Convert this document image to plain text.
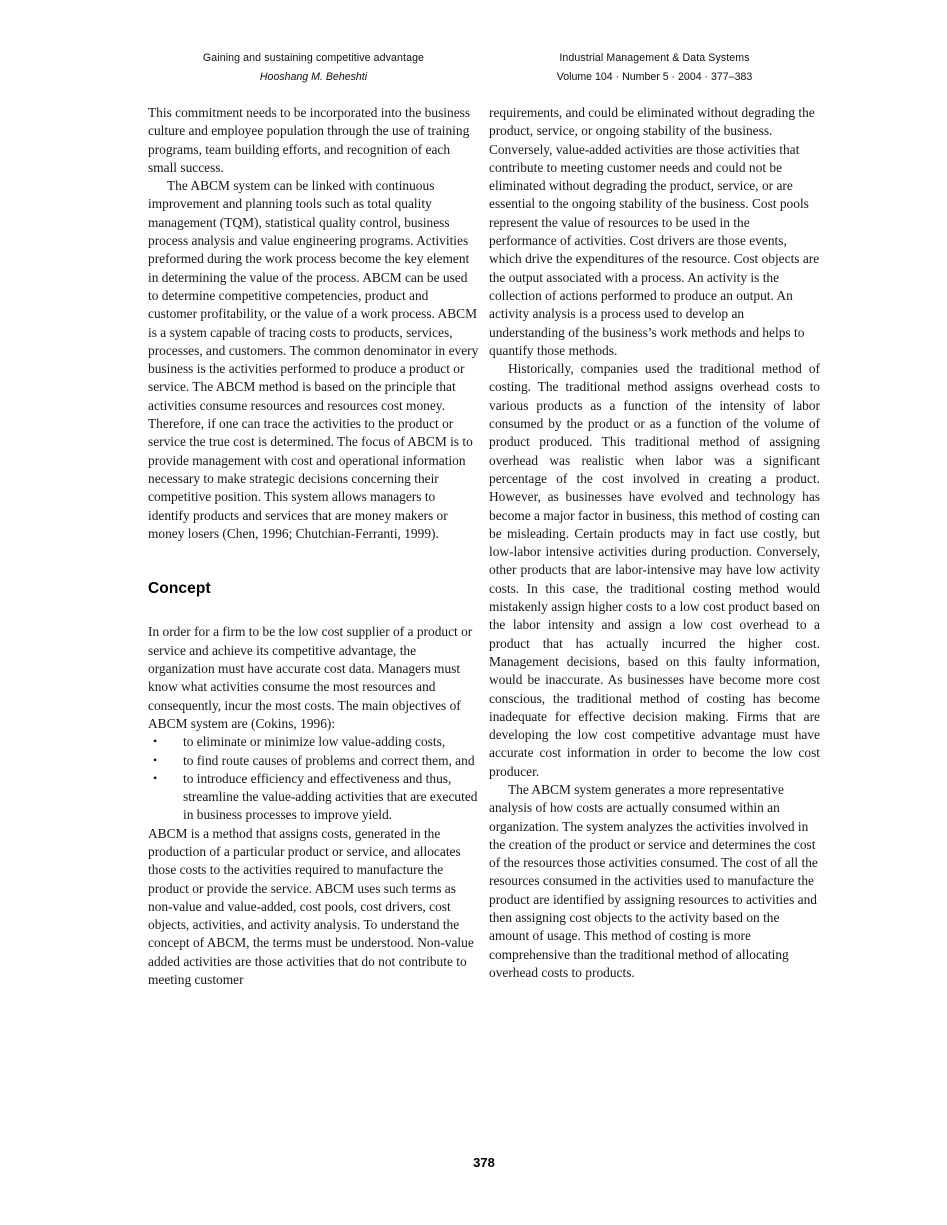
Gaining and sustaining competitive advantage
Hooshang M. Beheshti
Industrial Management & Data Systems
Volume 104 · Number 5 · 2004 · 377–383

This commitment needs to be incorporated into the business culture and employee population through the use of training programs, team building efforts, and recognition of each small success.

The ABCM system can be linked with continuous improvement and planning tools such as total quality management (TQM), statistical quality control, business process analysis and value engineering programs. Activities preformed during the work process become the key element in determining the value of the process. ABCM can be used to determine competitive competencies, product and customer profitability, or the value of a work process. ABCM is a system capable of tracing costs to products, services, processes, and customers. The common denominator in every business is the activities performed to produce a product or service. The ABCM method is based on the principle that activities consume resources and resources cost money. Therefore, if one can trace the activities to the product or service the true cost is determined. The focus of ABCM is to provide management with cost and operational information necessary to make strategic decisions concerning their competitive position. This system allows managers to identify products and services that are money makers or money losers (Chen, 1996; Chutchian-Ferranti, 1999).

Concept

In order for a firm to be the low cost supplier of a product or service and achieve its competitive advantage, the organization must have accurate cost data. Managers must know what activities consume the most resources and consequently, incur the most costs. The main objectives of ABCM system are (Cokins, 1996):

• to eliminate or minimize low value-adding costs,
• to find route causes of problems and correct them, and
• to introduce efficiency and effectiveness and thus, streamline the value-adding activities that are executed in business processes to improve yield.

ABCM is a method that assigns costs, generated in the production of a particular product or service, and allocates those costs to the activities required to manufacture the product or provide the service. ABCM uses such terms as non-value and value-added, cost pools, cost drivers, cost objects, activities, and activity analysis. To understand the concept of ABCM, the terms must be understood. Non-value added activities are those activities that do not contribute to meeting customer

requirements, and could be eliminated without degrading the product, service, or ongoing stability of the business. Conversely, value-added activities are those activities that contribute to meeting customer needs and could not be eliminated without degrading the product, service, or are essential to the ongoing stability of the business. Cost pools represent the value of resources to be used in the performance of activities. Cost drivers are those events, which drive the expenditures of the resource. Cost objects are the output associated with a process. An activity is the collection of actions performed to produce an output. An activity analysis is a process used to develop an understanding of the business’s work methods and helps to quantify those methods.

Historically, companies used the traditional method of costing. The traditional method assigns overhead costs to various products as a function of the intensity of labor consumed by the product or as a function of the volume of product produced. This traditional method of assigning overhead was realistic when labor was a significant percentage of the cost involved in creating a product. However, as businesses have evolved and technology has become a major factor in business, this method of costing can be misleading. Certain products may in fact use costly, but low-labor intensive activities during production. Conversely, other products that are labor-intensive may have low activity costs. In this case, the traditional costing method would mistakenly assign higher costs to a low cost product based on the labor intensity and assign a low cost overhead to a product that has actually incurred the higher cost. Management decisions, based on this faulty information, would be inaccurate. As businesses have become more cost conscious, the traditional method of costing has become inadequate for effective decision making. Firms that are developing the low cost competitive advantage must have accurate cost information in order to become the low cost producer.

The ABCM system generates a more representative analysis of how costs are actually consumed within an organization. The system analyzes the activities involved in the creation of the product or service and determines the cost of the resources those activities consumed. The cost of all the resources consumed in the activities used to manufacture the product are identified by assigning resources to activities and then assigning cost objects to the activity based on the amount of usage. This method of costing is more comprehensive than the traditional method of allocating overhead costs to products.

378
